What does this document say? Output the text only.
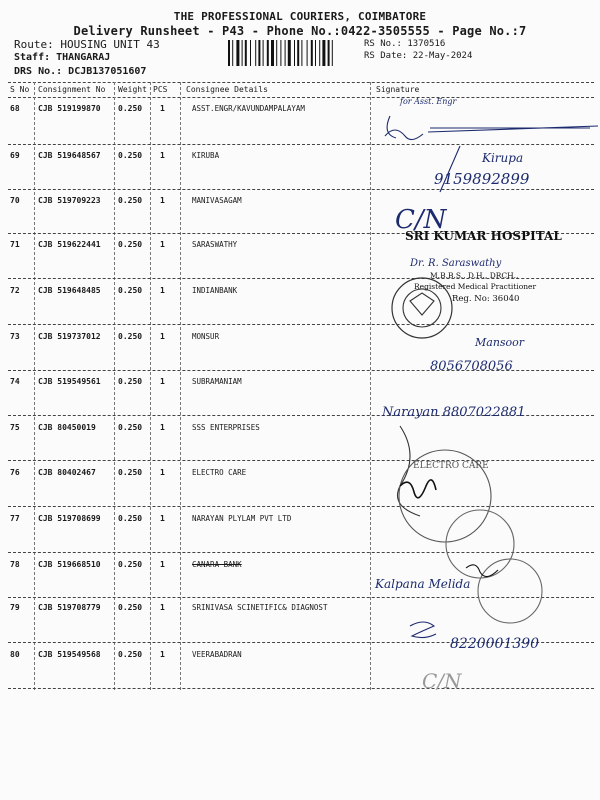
THE PROFESSIONAL COURIERS, COIMBATORE
Delivery Runsheet - P43 - Phone No.:0422-3505555 - Page No.:7
Route: HOUSING UNIT 43
Staff: THANGARAJ
DRS No.: DCJB137051607
RS No.: 1370516
RS Date: 22-May-2024
S No Consignment No Weight PCS Consignee Details	Signature
68 CJB 519199870 0.250 1	ASST.ENGR/KAVUNDAMPALAYAM
69 CJB 519648567 0.250 1	KIRUBA
70 CJB 519709223 0.250 1	MANIVASAGAM
71 CJB 519622441 0.250 1	SARASWATHY
72 CJB 519648485 0.250 1	INDIANBANK
73 CJB 519737012 0.250 1	MONSUR
74 CJB 519549561 0.250 1	SUBRAMANIAM
75 CJB 80450019	0.250 1	SSS ENTERPRISES
76 CJB 80402467	0.250 1	ELECTRO CARE
77 CJB 519708699 0.250 1	NARAYAN PLYLAM PVT LTD
78 CJB 519668510 0.250 1	CANARA BANK
79 CJB 519708779 0.250 1	SRINIVASA SCINETIFIC& DIAGNOST
80 CJB 519549568 0.250 1	VEERABADRAN
for Asst. Engr
Kirupa
9159892899
C/N
SRI KUMAR HOSPITAL
Dr. R. Saraswathy
M.B.B.S., D.H., DRCH.,
Registered Medical Practitioner
Reg. No: 36040
Mansoor
8056708056
Narayan 8807022881
ELECTRO CARE
Kalpana Melida
8220001390
C/N
